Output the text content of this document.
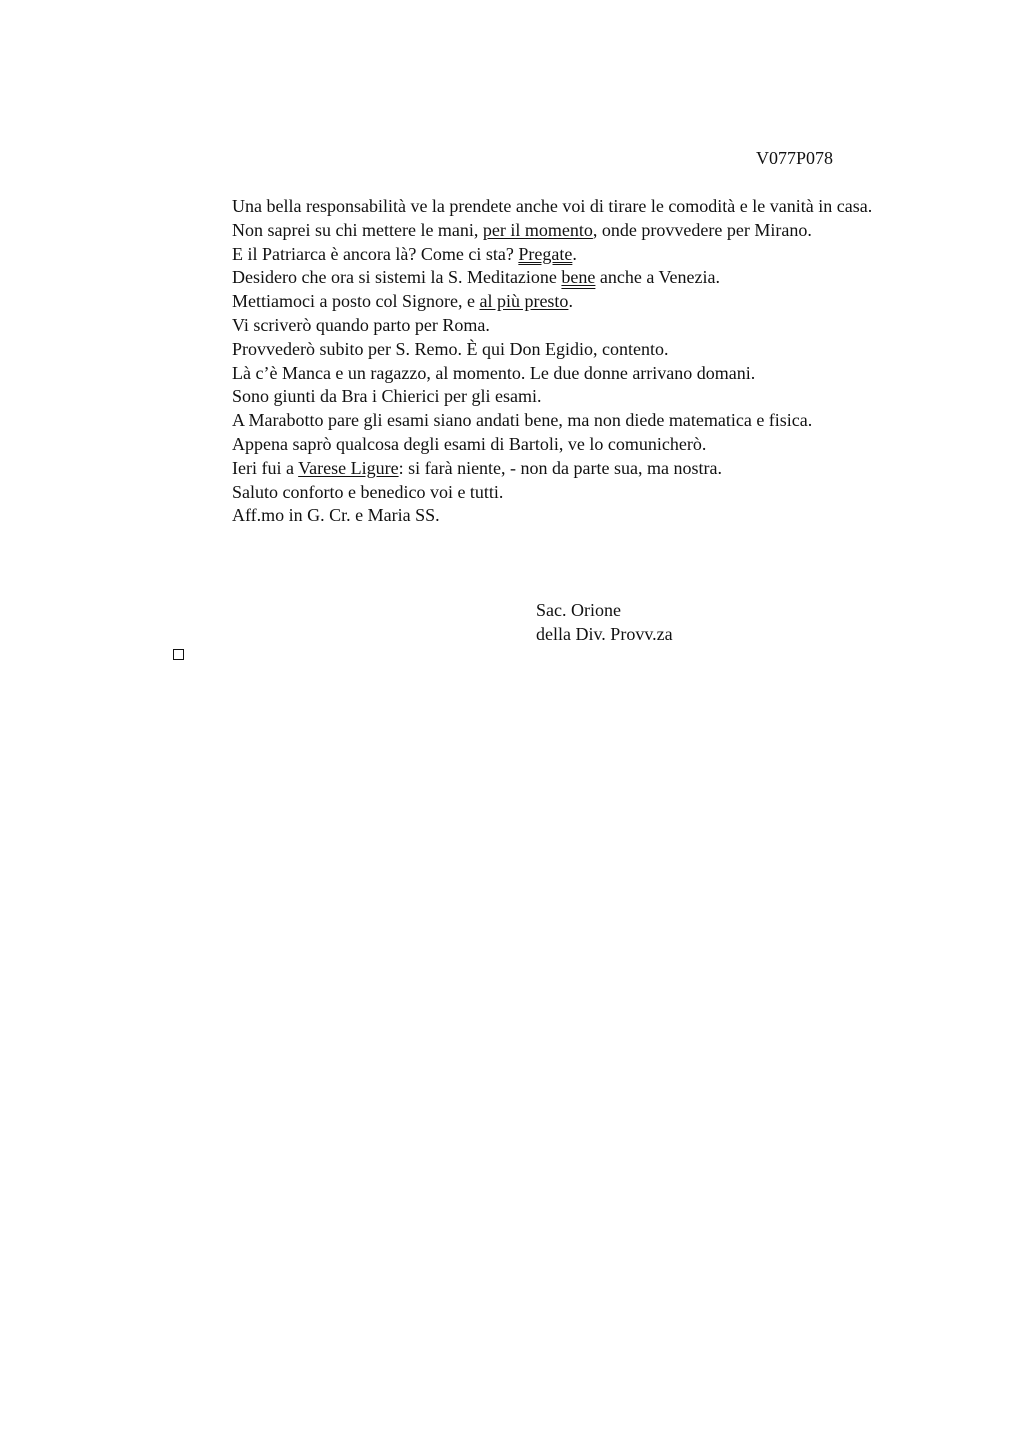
V077P078

Una bella responsabilità ve la prendete anche voi di tirare le comodità e le vanità in casa.

Non saprei su chi mettere le mani, per il momento, onde provvedere per Mirano.

E il Patriarca è ancora là? Come ci sta? Pregate.

Desidero che ora si sistemi la S. Meditazione bene anche a Venezia.

Mettiamoci a posto col Signore, e al più presto.

Vi scriverò quando parto per Roma.

Provvederò subito per S. Remo. È qui Don Egidio, contento.

Là c’è Manca e un ragazzo, al momento. Le due donne arrivano domani.

Sono giunti da Bra i Chierici per gli esami.

A Marabotto pare gli esami siano andati bene, ma non diede matematica e fisica.

Appena saprò qualcosa degli esami di Bartoli, ve lo comunicherò.

Ieri fui a Varese Ligure: si farà niente, - non da parte sua, ma nostra.

Saluto conforto e benedico voi e tutti.

Aff.mo in G. Cr. e Maria SS.

Sac. Orione
della Div. Provv.za
